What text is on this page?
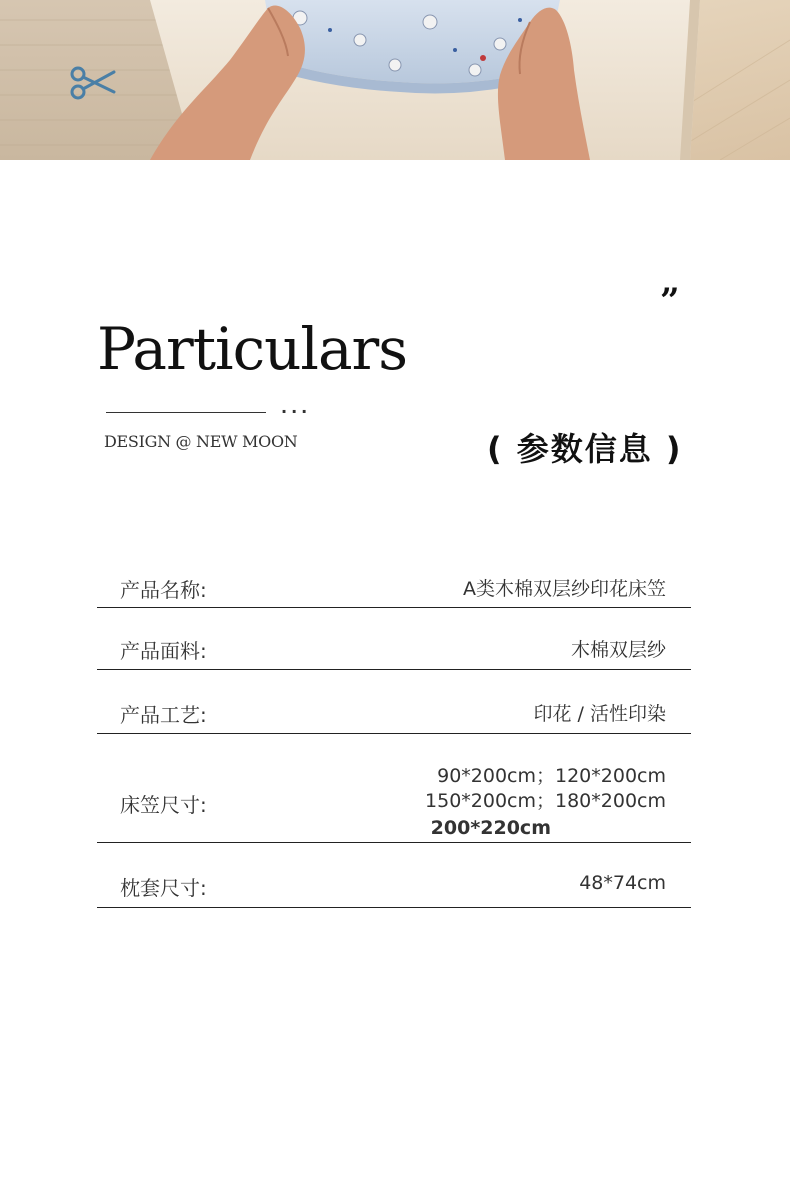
”
Particulars
...
DESIGN @ NEW MOON	( 参数信息 )
产品名称:	A类木棉双层纱印花床笠
产品面料:	木棉双层纱
产品工艺:	印花 / 活性印染
床笠尺寸:
90*200cm；120*200cm
150*200cm；180*200cm
200*220cm
枕套尺寸:	48*74cm
